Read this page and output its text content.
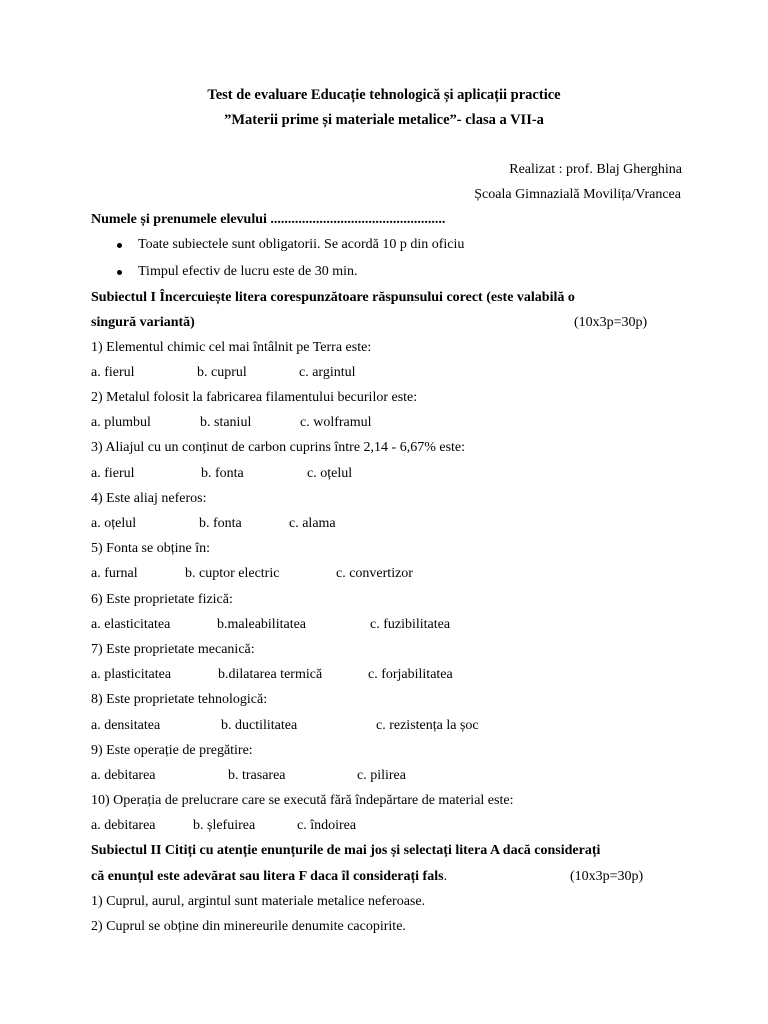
Test de evaluare Educație tehnologică și aplicații practice
”Materii prime și materiale metalice”- clasa a VII-a
Realizat : prof. Blaj Gherghina
Școala Gimnazială Movilița/Vrancea
Numele și prenumele elevului ..................................................
Toate subiectele sunt obligatorii. Se acordă 10 p din oficiu
Timpul efectiv de lucru este de 30 min.
Subiectul I Încercuiește litera corespunzătoare răspunsului corect (este valabilă o
singură variantă)	(10x3p=30p)
1) Elementul chimic cel mai întâlnit pe Terra este:
a. fierul	b. cuprul	c. argintul
2) Metalul folosit la fabricarea filamentului becurilor este:
a. plumbul	b. staniul	c. wolframul
3) Aliajul cu un conținut de carbon cuprins între 2,14 - 6,67% este:
a. fierul	b. fonta	c. oțelul
4) Este aliaj neferos:
a. oțelul	b. fonta	c. alama
5) Fonta se obține în:
a. furnal	b. cuptor electric	c. convertizor
6) Este proprietate fizică:
a. elasticitatea	b.maleabilitatea	c. fuzibilitatea
7) Este proprietate mecanică:
a. plasticitatea	b.dilatarea termică	c. forjabilitatea
8) Este proprietate tehnologică:
a. densitatea	b. ductilitatea	c. rezistența la șoc
9) Este operație de pregătire:
a. debitarea	b. trasarea	c. pilirea
10) Operația de prelucrare care se execută fără îndepărtare de material este:
a. debitarea	b. șlefuirea	c. îndoirea
Subiectul II Citiți cu atenție enunțurile de mai jos și selectați litera A dacă considerați
că enunțul este adevărat sau litera F daca îl considerați fals.	(10x3p=30p)
1) Cuprul, aurul, argintul sunt materiale metalice neferoase.
2) Cuprul se obține din minereurile denumite cacopirite.
